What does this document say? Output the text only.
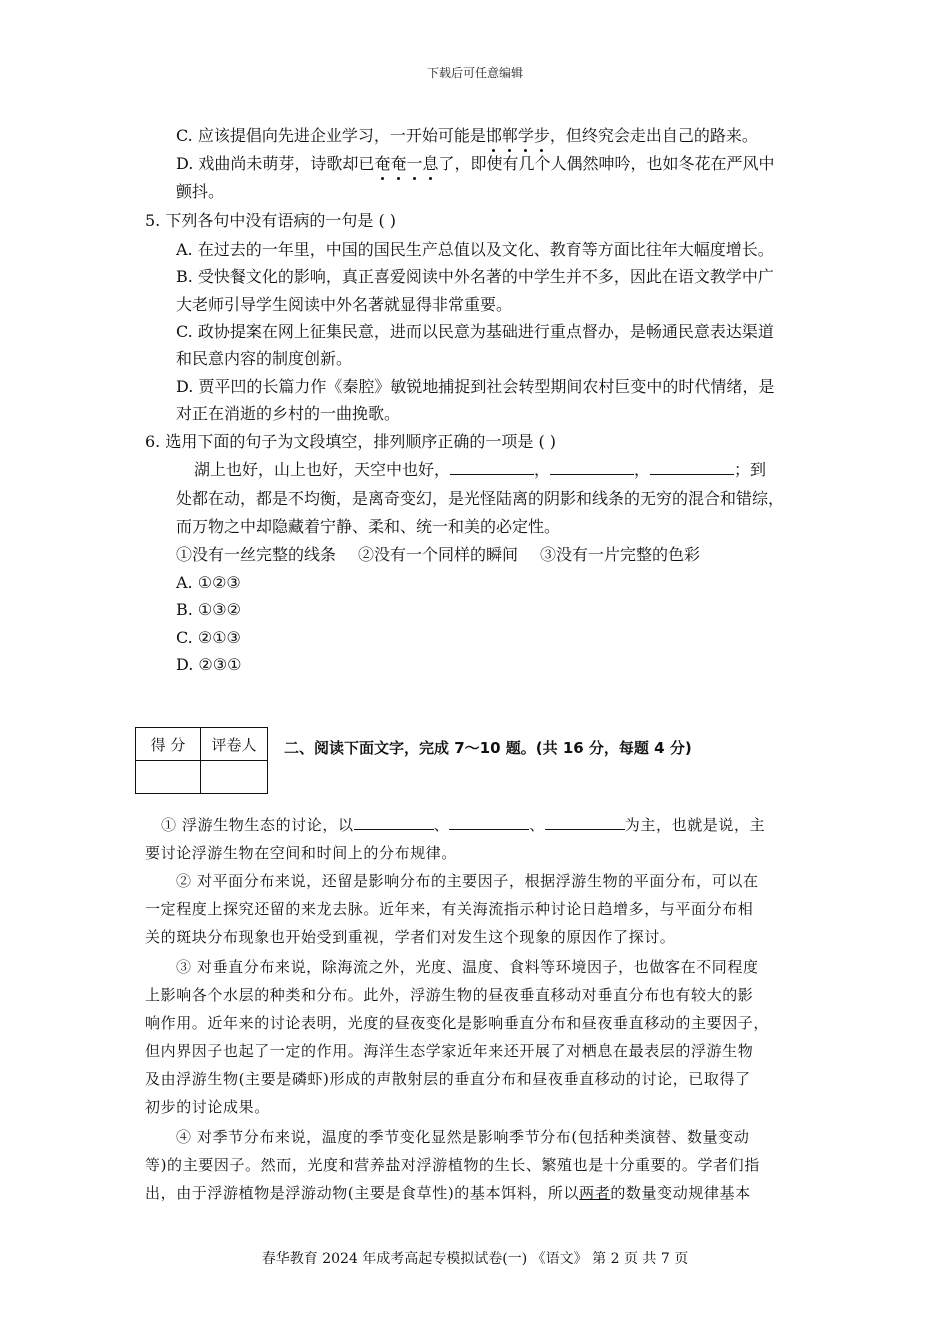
下载后可任意编辑
C. 应该提倡向先进企业学习，一开始可能是邯郸学步，但终究会走出自己的路来。
D. 戏曲尚未萌芽，诗歌却已奄奄一息了，即使有几个人偶然呻吟，也如冬花在严风中
颤抖。
5. 下列各句中没有语病的一句是 ( )
A. 在过去的一年里，中国的国民生产总值以及文化、教育等方面比往年大幅度增长。
B. 受快餐文化的影响，真正喜爱阅读中外名著的中学生并不多，因此在语文教学中广
大老师引导学生阅读中外名著就显得非常重要。
C. 政协提案在网上征集民意，进而以民意为基础进行重点督办，是畅通民意表达渠道
和民意内容的制度创新。
D. 贾平凹的长篇力作《秦腔》敏锐地捕捉到社会转型期间农村巨变中的时代情绪，是
对正在消逝的乡村的一曲挽歌。
6. 选用下面的句子为文段填空，排列顺序正确的一项是 ( )
湖上也好，山上也好，天空中也好，	，	，	；到
处都在动，都是不均衡，是离奇变幻，是光怪陆离的阴影和线条的无穷的混合和错综，
而万物之中却隐藏着宁静、柔和、统一和美的必定性。
①没有一丝完整的线条 ②没有一个同样的瞬间 ③没有一片完整的色彩
A. ①②③
B. ①③②
C. ②①③
D. ②③①
得 分	评卷人
	二、阅读下面文字，完成 7～10 题。(共 16 分，每题 4 分)
① 浮游生物生态的讨论，以	、	、	为主，也就是说，主
要讨论浮游生物在空间和时间上的分布规律。
② 对平面分布来说，还留是影响分布的主要因子，根据浮游生物的平面分布，可以在
一定程度上探究还留的来龙去脉。近年来，有关海流指示种讨论日趋增多，与平面分布相
关的斑块分布现象也开始受到重视，学者们对发生这个现象的原因作了探讨。
③ 对垂直分布来说，除海流之外，光度、温度、食料等环境因子，也做客在不同程度
上影响各个水层的种类和分布。此外，浮游生物的昼夜垂直移动对垂直分布也有较大的影
响作用。近年来的讨论表明，光度的昼夜变化是影响垂直分布和昼夜垂直移动的主要因子，
但内界因子也起了一定的作用。海洋生态学家近年来还开展了对栖息在最表层的浮游生物
及由浮游生物(主要是磷虾)形成的声散射层的垂直分布和昼夜垂直移动的讨论，已取得了
初步的讨论成果。
④ 对季节分布来说，温度的季节变化显然是影响季节分布(包括种类演替、数量变动
等)的主要因子。然而，光度和营养盐对浮游植物的生长、繁殖也是十分重要的。学者们指
出，由于浮游植物是浮游动物(主要是食草性)的基本饵料，所以两者的数量变动规律基本
春华教育 2024 年成考高起专模拟试卷(一) 《语文》 第 2 页 共 7 页
